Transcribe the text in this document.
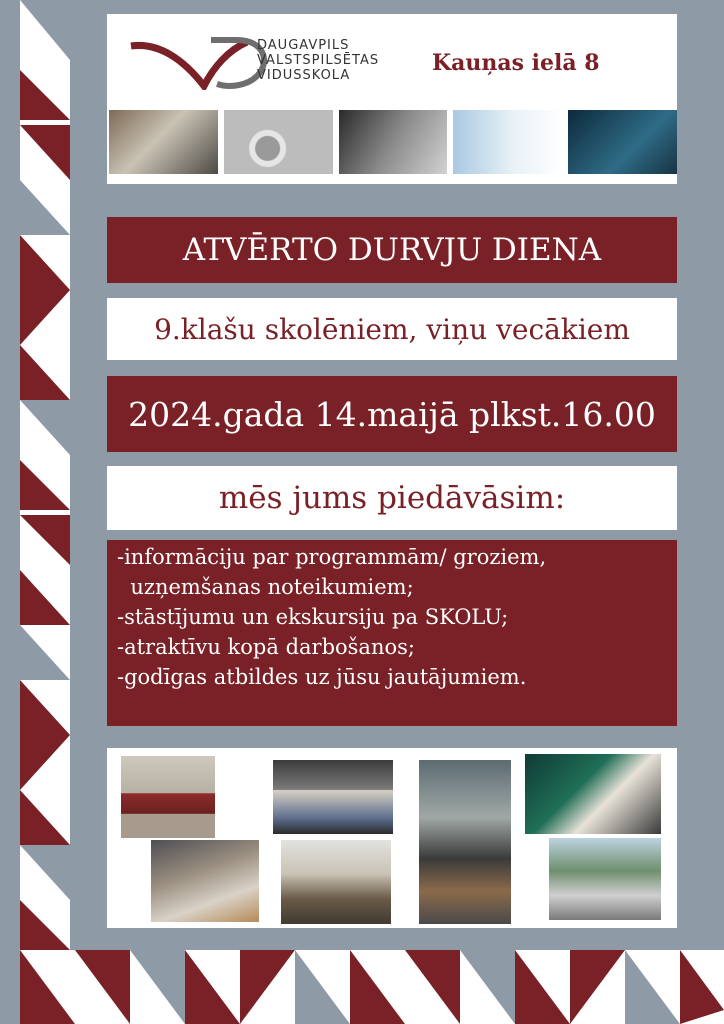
DAUGAVPILS
VALSTSPILSĒTAS
VIDUSSKOLA	Kauņas ielā 8
ATVĒRTO DURVJU DIENA
9.klašu skolēniem, viņu vecākiem
2024.gada 14.maijā plkst.16.00
mēs jums piedāvāsim:
-informāciju par programmām/ groziem,
uzņemšanas noteikumiem;
-stāstījumu un ekskursiju pa SKOLU;
-atraktīvu kopā darbošanos;
-godīgas atbildes uz jūsu jautājumiem.
